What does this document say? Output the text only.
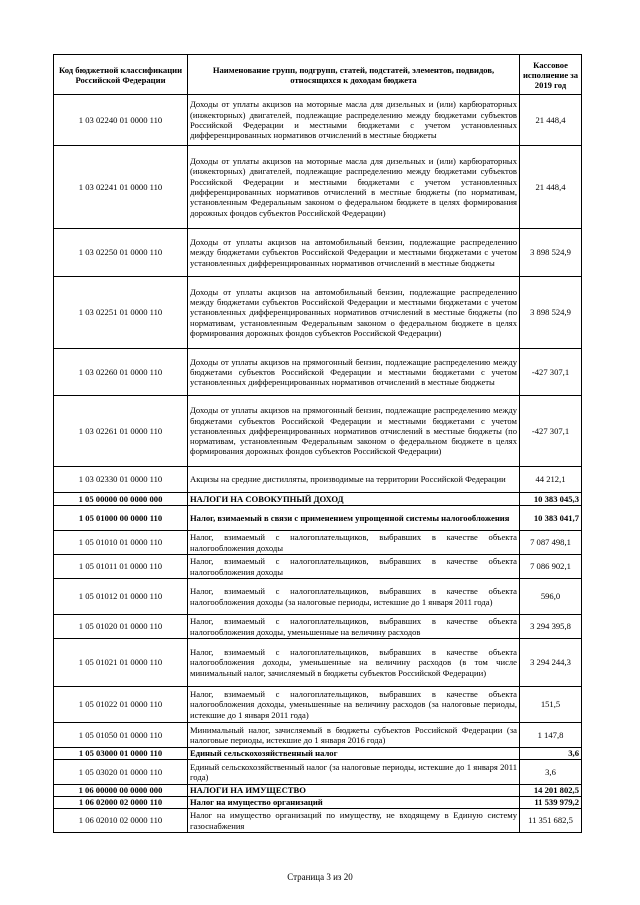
Код бюджетной классификации Российской Федерации	Наименование групп, подгрупп, статей, подстатей, элементов, подвидов, относящихся к доходам бюджета	Кассовое исполнение за 2019 год
1 03 02240 01 0000 110	Доходы от уплаты акцизов на моторные масла для дизельных и (или) карбюраторных (инжекторных) двигателей, подлежащие распределению между бюджетами субъектов Российской Федерации и местными бюджетами с учетом установленных дифференцированных нормативов отчислений в местные бюджеты	21 448,4
1 03 02241 01 0000 110	Доходы от уплаты акцизов на моторные масла для дизельных и (или) карбюраторных (инжекторных) двигателей, подлежащие распределению между бюджетами субъектов Российской Федерации и местными бюджетами с учетом установленных дифференцированных нормативов отчислений в местные бюджеты (по нормативам, установленным Федеральным законом о федеральном бюджете в целях формирования дорожных фондов субъектов Российской Федерации)	21 448,4
1 03 02250 01 0000 110	Доходы от уплаты акцизов на автомобильный бензин, подлежащие распределению между бюджетами субъектов Российской Федерации и местными бюджетами с учетом установленных дифференцированных нормативов отчислений в местные бюджеты	3 898 524,9
1 03 02251 01 0000 110	Доходы от уплаты акцизов на автомобильный бензин, подлежащие распределению между бюджетами субъектов Российской Федерации и местными бюджетами с учетом установленных дифференцированных нормативов отчислений в местные бюджеты (по нормативам, установленным Федеральным законом о федеральном бюджете в целях формирования дорожных фондов субъектов Российской Федерации)	3 898 524,9
1 03 02260 01 0000 110	Доходы от уплаты акцизов на прямогонный бензин, подлежащие распределению между бюджетами субъектов Российской Федерации и местными бюджетами с учетом установленных дифференцированных нормативов отчислений в местные бюджеты	-427 307,1
1 03 02261 01 0000 110	Доходы от уплаты акцизов на прямогонный бензин, подлежащие распределению между бюджетами субъектов Российской Федерации и местными бюджетами с учетом установленных дифференцированных нормативов отчислений в местные бюджеты (по нормативам, установленным Федеральным законом о федеральном бюджете в целях формирования дорожных фондов субъектов Российской Федерации)	-427 307,1
1 03 02330 01 0000 110	Акцизы на средние дистилляты, производимые на территории Российской Федерации	44 212,1
1 05 00000 00 0000 000	НАЛОГИ НА СОВОКУПНЫЙ ДОХОД	10 383 045,3
1 05 01000 00 0000 110	Налог, взимаемый в связи с применением упрощенной системы налогообложения	10 383 041,7
1 05 01010 01 0000 110	Налог, взимаемый с налогоплательщиков, выбравших в качестве объекта налогообложения доходы	7 087 498,1
1 05 01011 01 0000 110	Налог, взимаемый с налогоплательщиков, выбравших в качестве объекта налогообложения доходы	7 086 902,1
1 05 01012 01 0000 110	Налог, взимаемый с налогоплательщиков, выбравших в качестве объекта налогообложения доходы (за налоговые периоды, истекшие до 1 января 2011 года)	596,0
1 05 01020 01 0000 110	Налог, взимаемый с налогоплательщиков, выбравших в качестве объекта налогообложения доходы, уменьшенные на величину расходов	3 294 395,8
1 05 01021 01 0000 110	Налог, взимаемый с налогоплательщиков, выбравших в качестве объекта налогообложения доходы, уменьшенные на величину расходов (в том числе минимальный налог, зачисляемый в бюджеты субъектов Российской Федерации)	3 294 244,3
1 05 01022 01 0000 110	Налог, взимаемый с налогоплательщиков, выбравших в качестве объекта налогообложения доходы, уменьшенные на величину расходов (за налоговые периоды, истекшие до 1 января 2011 года)	151,5
1 05 01050 01 0000 110	Минимальный налог, зачисляемый в бюджеты субъектов Российской Федерации (за налоговые периоды, истекшие до 1 января 2016 года)	1 147,8
1 05 03000 01 0000 110	Единый сельскохозяйственный налог	3,6
1 05 03020 01 0000 110	Единый сельскохозяйственный налог (за налоговые периоды, истекшие до 1 января 2011 года)	3,6
1 06 00000 00 0000 000	НАЛОГИ НА ИМУЩЕСТВО	14 201 802,5
1 06 02000 02 0000 110	Налог на имущество организаций	11 539 979,2
1 06 02010 02 0000 110	Налог на имущество организаций по имуществу, не входящему в Единую систему газоснабжения	11 351 682,5
Страница 3 из 20
